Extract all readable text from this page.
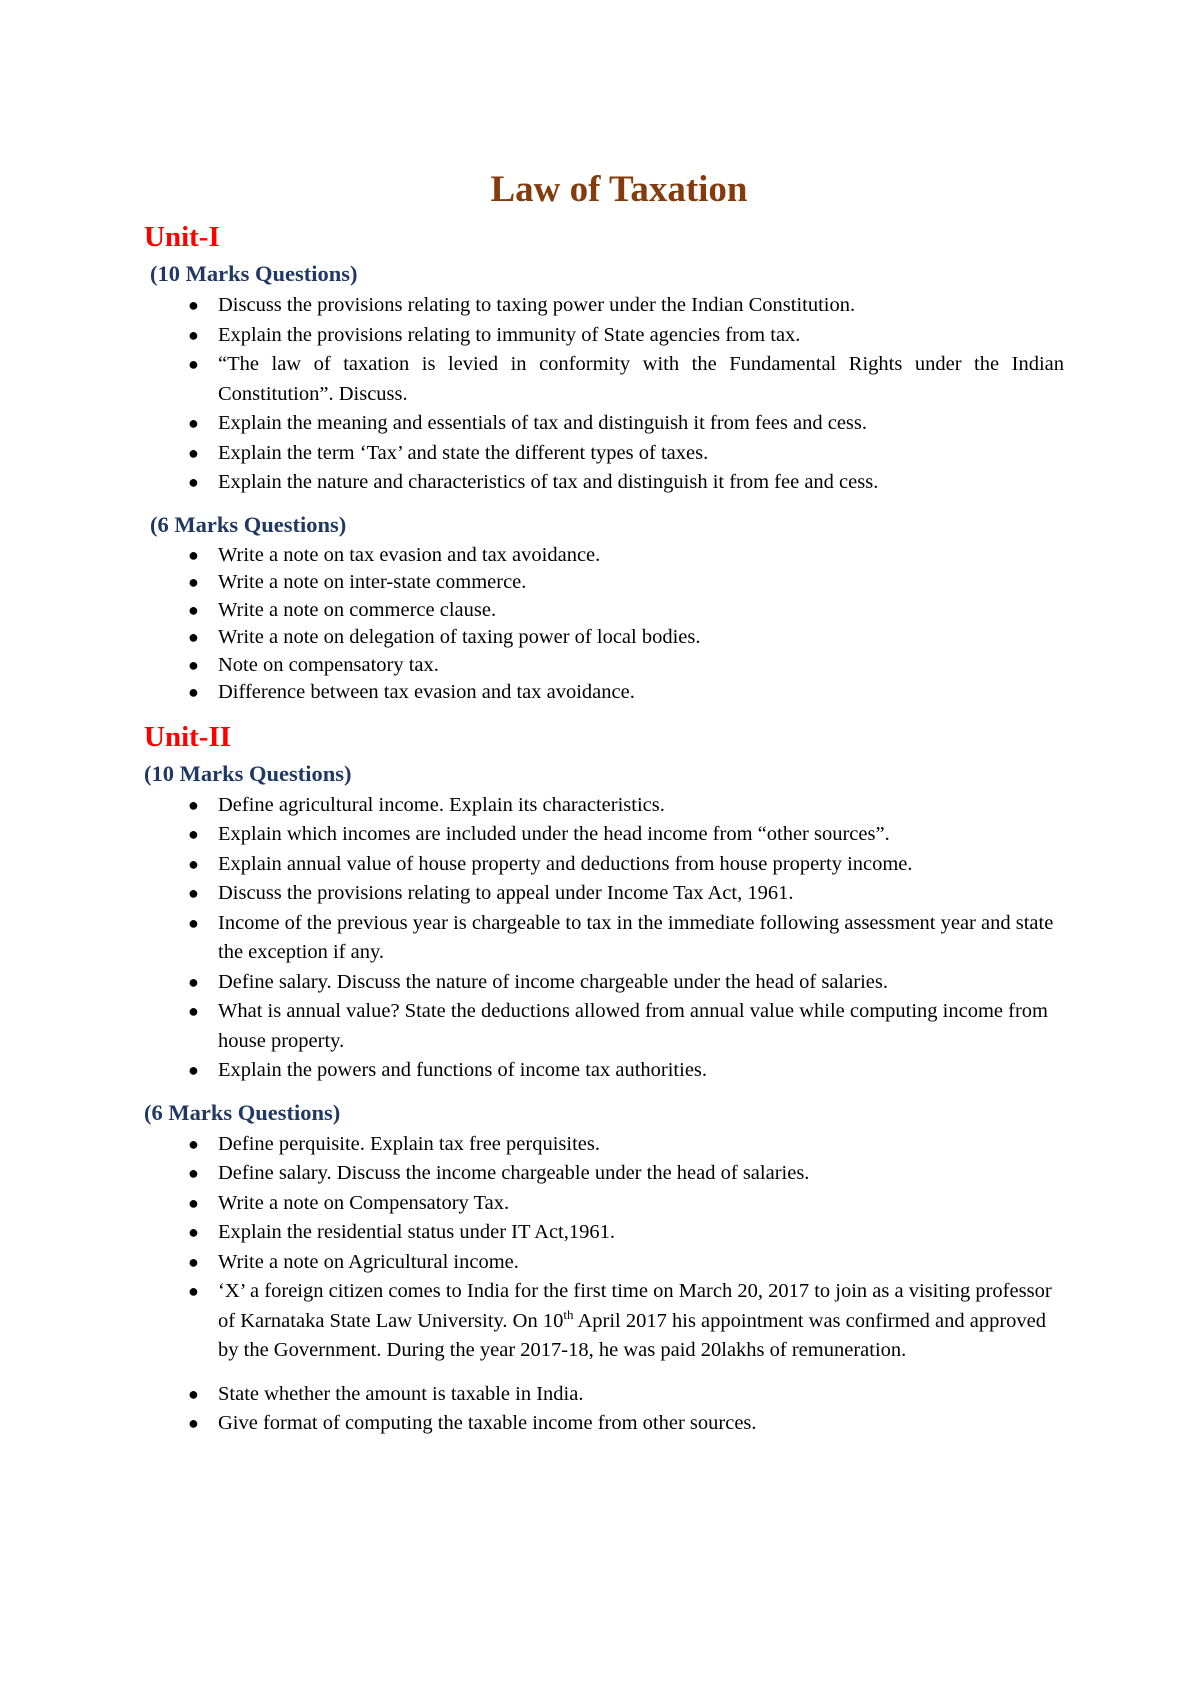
Law of Taxation
Unit-I
(10 Marks Questions)
● Discuss the provisions relating to taxing power under the Indian Constitution.
● Explain the provisions relating to immunity of State agencies from tax.
● “The law of taxation is levied in conformity with the Fundamental Rights under the Indian Constitution”. Discuss.
● Explain the meaning and essentials of tax and distinguish it from fees and cess.
● Explain the term ‘Tax’ and state the different types of taxes.
● Explain the nature and characteristics of tax and distinguish it from fee and cess.
(6 Marks Questions)
● Write a note on tax evasion and tax avoidance.
● Write a note on inter-state commerce.
● Write a note on commerce clause.
● Write a note on delegation of taxing power of local bodies.
● Note on compensatory tax.
● Difference between tax evasion and tax avoidance.
Unit-II
(10 Marks Questions)
● Define agricultural income. Explain its characteristics.
● Explain which incomes are included under the head income from “other sources”.
● Explain annual value of house property and deductions from house property income.
● Discuss the provisions relating to appeal under Income Tax Act, 1961.
● Income of the previous year is chargeable to tax in the immediate following assessment year and state the exception if any.
● Define salary. Discuss the nature of income chargeable under the head of salaries.
● What is annual value? State the deductions allowed from annual value while computing income from house property.
● Explain the powers and functions of income tax authorities.
(6 Marks Questions)
● Define perquisite. Explain tax free perquisites.
● Define salary. Discuss the income chargeable under the head of salaries.
● Write a note on Compensatory Tax.
● Explain the residential status under IT Act,1961.
● Write a note on Agricultural income.
● ‘X’ a foreign citizen comes to India for the first time on March 20, 2017 to join as a visiting professor of Karnataka State Law University. On 10th April 2017 his appointment was confirmed and approved by the Government. During the year 2017-18, he was paid 20lakhs of remuneration.
● State whether the amount is taxable in India.
● Give format of computing the taxable income from other sources.
